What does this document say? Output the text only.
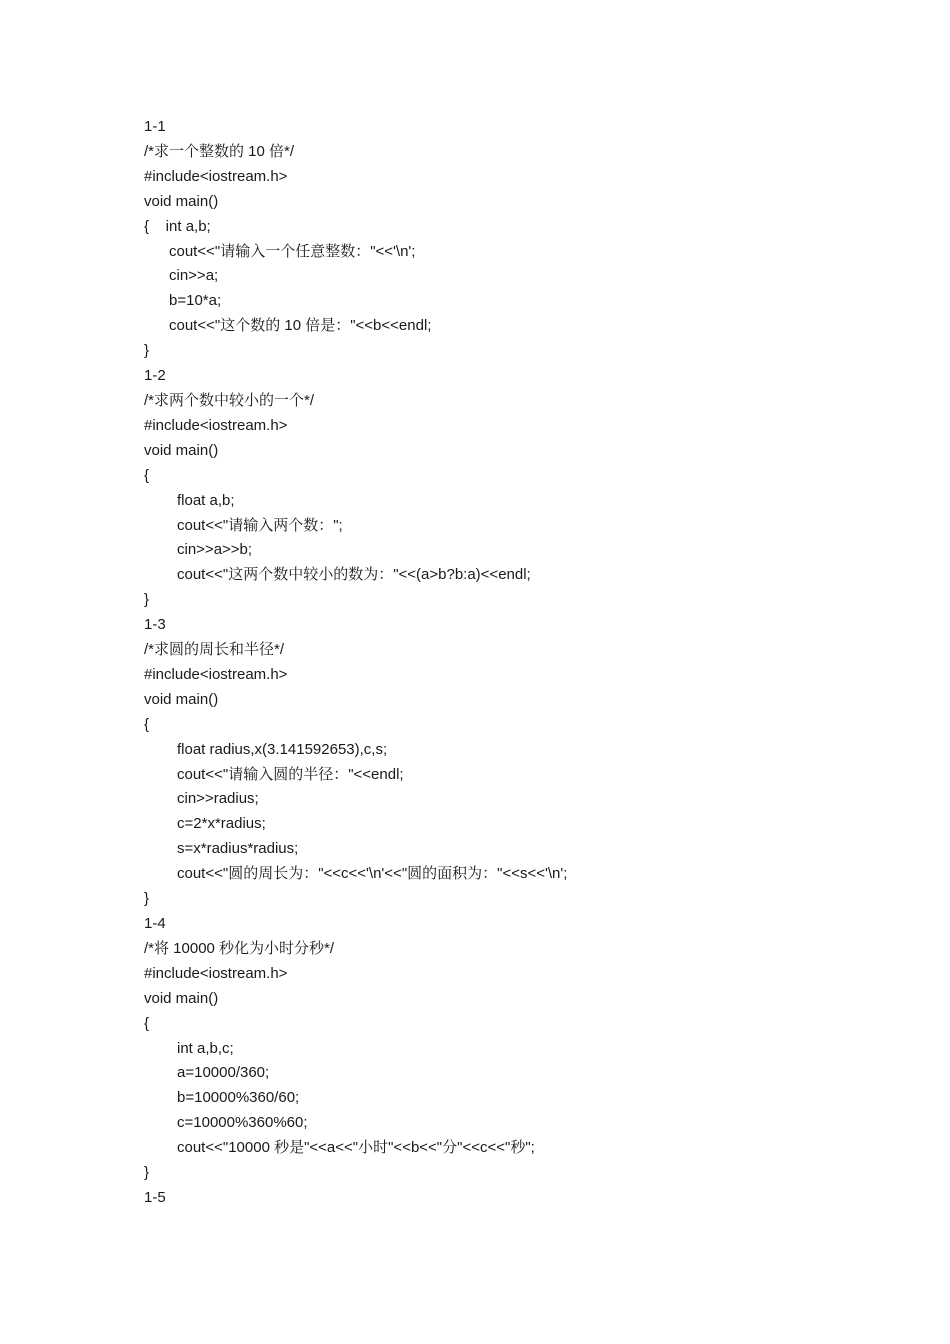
1-1
/*求一个整数的 10 倍*/
#include<iostream.h>
void main()
{    int a,b;
cout<<"请输入一个任意整数："<<'\n';
cin>>a;
b=10*a;
cout<<"这个数的 10 倍是："<<b<<endl;
}
1-2
/*求两个数中较小的一个*/
#include<iostream.h>
void main()
{
float a,b;
cout<<"请输入两个数：";
cin>>a>>b;
cout<<"这两个数中较小的数为："<<(a>b?b:a)<<endl;
}
1-3
/*求圆的周长和半径*/
#include<iostream.h>
void main()
{
float radius,x(3.141592653),c,s;
cout<<"请输入圆的半径："<<endl;
cin>>radius;
c=2*x*radius;
s=x*radius*radius;
cout<<"圆的周长为："<<c<<'\n'<<"圆的面积为："<<s<<'\n';
}
1-4
/*将 10000 秒化为小时分秒*/
#include<iostream.h>
void main()
{
int a,b,c;
a=10000/360;
b=10000%360/60;
c=10000%360%60;
cout<<"10000 秒是"<<a<<"小时"<<b<<"分"<<c<<"秒";
}
1-5
